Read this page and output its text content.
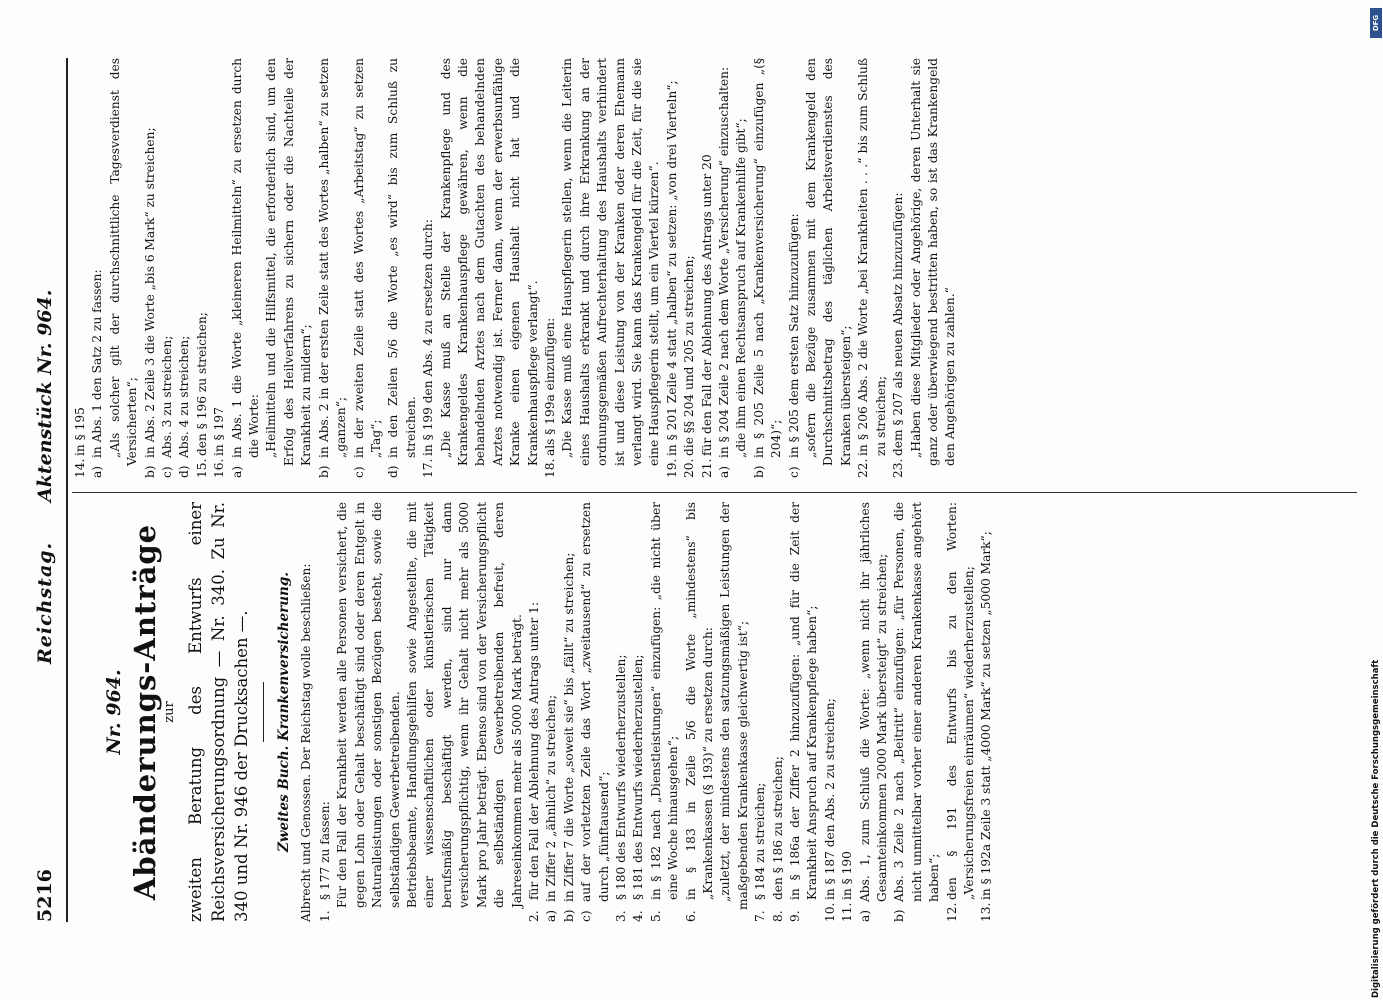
5216
Reichstag.
Aktenstück Nr. 964.
Nr. 964. Abänderungs-Anträge zur zweiten Beratung des Entwurfs einer Reichsversicherungsordnung — Nr. 340. Zu Nr. 340 und Nr. 946 der Drucksachen —. Zweites Buch. Krankenversicherung. Albrecht und Genossen. Der Reichstag wolle beschließen: 1.
§ 177 zu fassen: Für den Fall der Krankheit werden alle Personen versichert, die gegen Lohn oder Gehalt beschäftigt sind oder deren Entgelt in Naturalleistungen oder sonstigen Bezügen besteht, sowie die selbständigen Gewerbetreibenden. Betriebsbeamte, Handlungsgehilfen sowie Angestellte, die mit einer wissenschaftlichen oder künstlerischen Tätigkeit berufsmäßig beschäftigt werden, sind nur dann versicherungspflichtig, wenn ihr Gehalt nicht mehr als 5000 Mark pro Jahr beträgt. Ebenso sind von der Versicherungspflicht die selbständigen Gewerbetreibenden befreit, deren Jahreseinkommen mehr als 5000 Mark beträgt.
2.
für den Fall der Ablehnung des Antrags unter 1:
a)
in Ziffer 2 „ähnlich“ zu streichen;
b)
in Ziffer 7 die Worte „soweit sie“ bis „fällt“ zu streichen;
c)
auf der vorletzten Zeile das Wort „zweitausend“ zu ersetzen durch „fünftausend“;
3.
§ 180 des Entwurfs wiederherzustellen;
4.
§ 181 des Entwurfs wiederherzustellen;
5.
in § 182 nach „Dienstleistungen“ einzufügen: „die nicht über eine Woche hinausgehen“;
6.
in § 183 in Zeile 5/6 die Worte „mindestens“ bis „Krankenkassen (§ 193)“ zu ersetzen durch: „zuletzt, der mindestens den satzungsmäßigen Leistungen der maßgebenden Krankenkasse gleichwertig ist“;
7.
§ 184 zu streichen;
8.
den § 186 zu streichen;
9.
in § 186a der Ziffer 2 hinzuzufügen: „und für die Zeit der Krankheit Anspruch auf Krankenpflege haben“;
10.
in § 187 den Abs. 2 zu streichen;
11.
in § 190
a)
Abs. 1, zum Schluß die Worte: „wenn nicht ihr jährliches Gesamteinkommen 2000 Mark übersteigt“ zu streichen;
b)
Abs. 3 Zeile 2 nach „Beitritt“ einzufügen: „für Personen, die nicht unmittelbar vorher einer anderen Krankenkasse angehört haben“;
12.
den § 191 des Entwurfs bis zu den Worten: „Versicherungsfreien einräumen“ wiederherzustellen;
13.
in § 192a Zeile 3 statt „4000 Mark“ zu setzen „5000 Mark“;
14.
in § 195
a)
in Abs. 1 den Satz 2 zu fassen: „Als solcher gilt der durchschnittliche Tagesverdienst des Versicherten“;
b)
in Abs. 2 Zeile 3 die Worte „bis 6 Mark“ zu streichen;
c)
Abs. 3 zu streichen;
d)
Abs. 4 zu streichen;
15.
den § 196 zu streichen;
16.
in § 197
a)
in Abs. 1 die Worte „kleineren Heilmitteln“ zu ersetzen durch die Worte: „Heilmitteln und die Hilfsmittel, die erforderlich sind, um den Erfolg des Heilverfahrens zu sichern oder die Nachteile der Krankheit zu mildern“;
b)
in Abs. 2 in der ersten Zeile statt des Wortes „halben“ zu setzen „ganzen“;
c)
in der zweiten Zeile statt des Wortes „Arbeitstag“ zu setzen „Tag“;
d)
in den Zeilen 5/6 die Worte „es wird“ bis zum Schluß zu streichen.
17.
in § 199 den Abs. 4 zu ersetzen durch: „Die Kasse muß an Stelle der Krankenpflege und des Krankengeldes Krankenhauspflege gewähren, wenn die behandelnden Arztes nach dem Gutachten des behandelnden Arztes notwendig ist. Ferner dann, wenn der erwerbsunfähige Kranke einen eigenen Haushalt nicht hat und die Krankenhauspflege verlangt“.
18.
als § 199a einzufügen: „Die Kasse muß eine Hauspflegerin stellen, wenn die Leiterin eines Haushalts erkrankt und durch ihre Erkrankung an der ordnungsgemäßen Aufrechterhaltung des Haushalts verhindert ist und diese Leistung von der Kranken oder deren Ehemann verlangt wird. Sie kann das Krankengeld für die Zeit, für die sie eine Hauspflegerin stellt, um ein Viertel kürzen“.
19.
in § 201 Zeile 4 statt „halben“ zu setzen: „von drei Vierteln“;
20.
die §§ 204 und 205 zu streichen;
21.
für den Fall der Ablehnung des Antrags unter 20
a)
in § 204 Zeile 2 nach dem Worte „Versicherung“ einzuschalten: „die ihm einen Rechtsanspruch auf Krankenhilfe gibt“;
b)
in § 205 Zeile 5 nach „Krankenversicherung“ einzufügen „(§ 204)“;
c)
in § 205 dem ersten Satz hinzuzufügen: „sofern die Bezüge zusammen mit dem Krankengeld den Durchschnittsbetrag des täglichen Arbeitsverdienstes des Kranken übersteigen“;
22.
in § 206 Abs. 2 die Worte „bei Krankheiten . . .“ bis zum Schluß zu streichen;
23.
dem § 207 als neuen Absatz hinzuzufügen: „Haben diese Mitglieder oder Angehörige, deren Unterhalt sie ganz oder überwiegend bestritten haben, so ist das Krankengeld den Angehörigen zu zahlen.“
Digitalisierung gefördert durch die Deutsche Forschungsgemeinschaft
DFG
